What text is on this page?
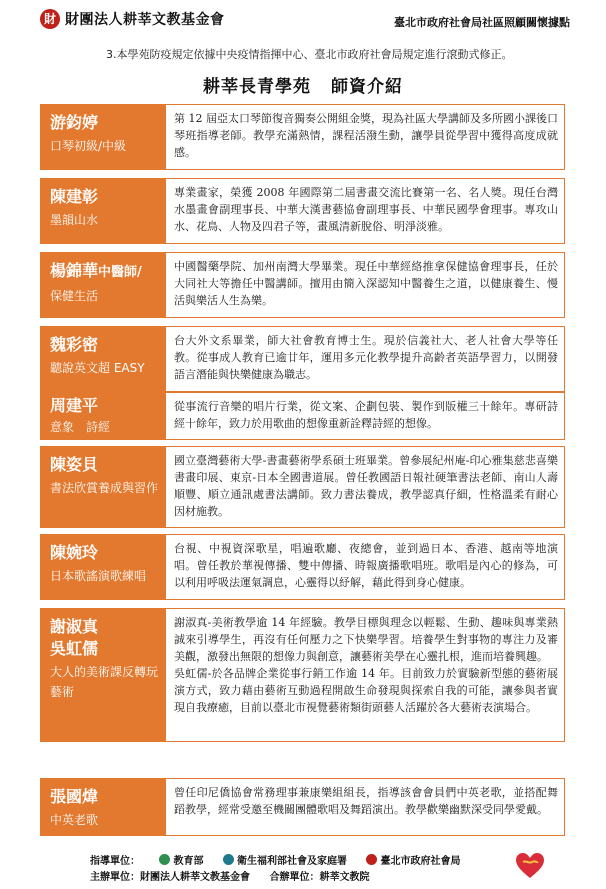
財 財團法人耕莘文教基金會	臺北市政府社會局社區照顧關懷據點
3.本學苑防疫規定依據中央疫情指揮中心、臺北市政府社會局規定進行滾動式修正。
耕莘長青學苑 師資介紹
游鈞婷
口琴初級/中級

第 12 屆亞太口琴節復音獨奏公開組金獎，現為社區大學講師及多所國小課後口琴班指導老師。教學充滿熱情，課程活潑生動，讓學員從學習中獲得高度成就感。

陳建彰
墨韻山水

專業畫家，榮獲 2008 年國際第二屆書畫交流比賽第一名、名人獎。現任台灣水墨畫會副理事長、中華大漢書藝協會副理事長、中華民國學會理事。專攻山水、花鳥、人物及四君子等，畫風清新脫俗、明淨淡雅。

楊錦華中醫師/
保健生活

中國醫藥學院、加州南灣大學畢業。現任中華經絡推拿保健協會理事長，任於大同社大等擔任中醫講師。擅用由簡入深認知中醫養生之道，以健康養生、慢活與樂活人生為樂。

魏彩密
聽說英文超 EASY

台大外文系畢業，師大社會教育博士生。現於信義社大、老人社會大學等任教。從事成人教育已逾廿年，運用多元化教學提升高齡者英語學習力，以開發語言潛能與快樂健康為職志。

周建平
意象　詩經

從事流行音樂的唱片行業，從文案、企劃包裝、製作到版權三十餘年。專研詩經十餘年，致力於用歌曲的想像重新詮釋詩經的想像。

陳姿貝
書法欣賞養成與習作

國立臺灣藝術大學-書畫藝術學系碩士班畢業。曾參展紀州庵-印心雅集慈悲喜樂書畫印展、東京-日本全國書道展。曾任教國語日報社硬筆書法老師、南山人壽順豐、順立通訊處書法講師。致力書法養成，教學認真仔細，性格溫柔有耐心因材施教。

陳婉玲
日本歌謠演歌練唱

台視、中視資深歌星，唱遍歌廳、夜總會，並到過日本、香港、越南等地演唱。曾任教於華視傳播、雙中傳播、時報廣播歌唱班。歌唱是內心的修為，可以利用呼吸法運氣調息，心靈得以紓解，藉此得到身心健康。

謝淑真
吳虹儒
大人的美術課反轉玩藝術

謝淑真-美術教學逾 14 年經驗。教學目標與理念以輕鬆、生動、趣味與專業熱誠來引導學生，再沒有任何壓力之下快樂學習。培養學生對事物的專注力及審美觀，激發出無限的想像力與創意，讓藝術美學在心靈扎根，進而培養興趣。

吳虹儒-於各品牌企業從事行銷工作逾 14 年。目前致力於實驗新型態的藝術展演方式，致力藉由藝術互動過程開啟生命發現與探索自我的可能，讓參與者實現自我療癒，目前以臺北市視覺藝術類街頭藝人活躍於各大藝術表演場合。

張國煒
中英老歌

曾任印尼僑協會常務理事兼康樂組組長，指導該會會員們中英老歌，並搭配舞蹈教學，經常受邀至機關團體歌唱及舞蹈演出。教學歡樂幽默深受同學愛戴。

指導單位：	教育部	衛生福利部社會及家庭署	臺北市政府社會局
主辦單位：財團法人耕莘文教基金會 合辦單位：耕莘文教院
